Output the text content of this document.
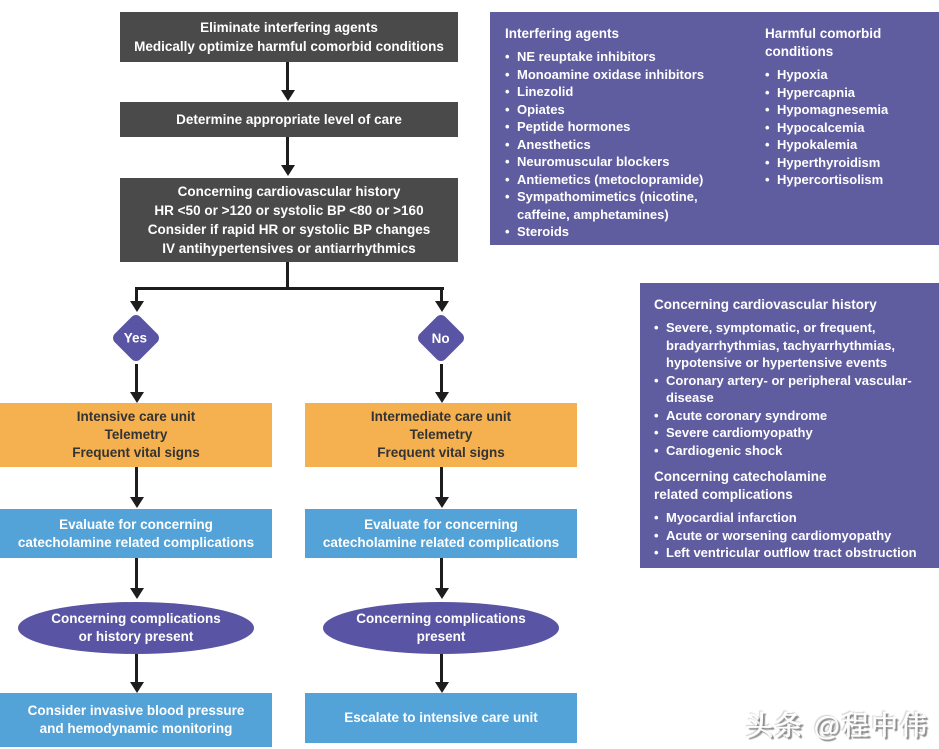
Eliminate interfering agents
Medically optimize harmful comorbid conditions
Determine appropriate level of care
Concerning cardiovascular history
HR <50 or >120 or systolic BP <80 or >160
Consider if rapid HR or systolic BP changes
IV antihypertensives or antiarrhythmics
Yes	No
Intensive care unit
Telemetry
Frequent vital signs
Intermediate care unit
Telemetry
Frequent vital signs
Evaluate for concerning
catecholamine related complications
Evaluate for concerning
catecholamine related complications
Concerning complications
or history present
Concerning complications
present
Consider invasive blood pressure
and hemodynamic monitoring
Escalate to intensive care unit
Interfering agents
• NE reuptake inhibitors
• Monoamine oxidase inhibitors
• Linezolid
• Opiates
• Peptide hormones
• Anesthetics
• Neuromuscular blockers
• Antiemetics (metoclopramide)
• Sympathomimetics (nicotine, caffeine, amphetamines)
• Steroids
Harmful comorbid conditions
• Hypoxia
• Hypercapnia
• Hypomagnesemia
• Hypocalcemia
• Hypokalemia
• Hyperthyroidism
• Hypercortisolism
Concerning cardiovascular history
• Severe, symptomatic, or frequent, bradyarrhythmias, tachyarrhythmias, hypotensive or hypertensive events
• Coronary artery- or peripheral vascular- disease
• Acute coronary syndrome
• Severe cardiomyopathy
• Cardiogenic shock
Concerning catecholamine related complications
• Myocardial infarction
• Acute or worsening cardiomyopathy
• Left ventricular outflow tract obstruction
头条 @程中伟
